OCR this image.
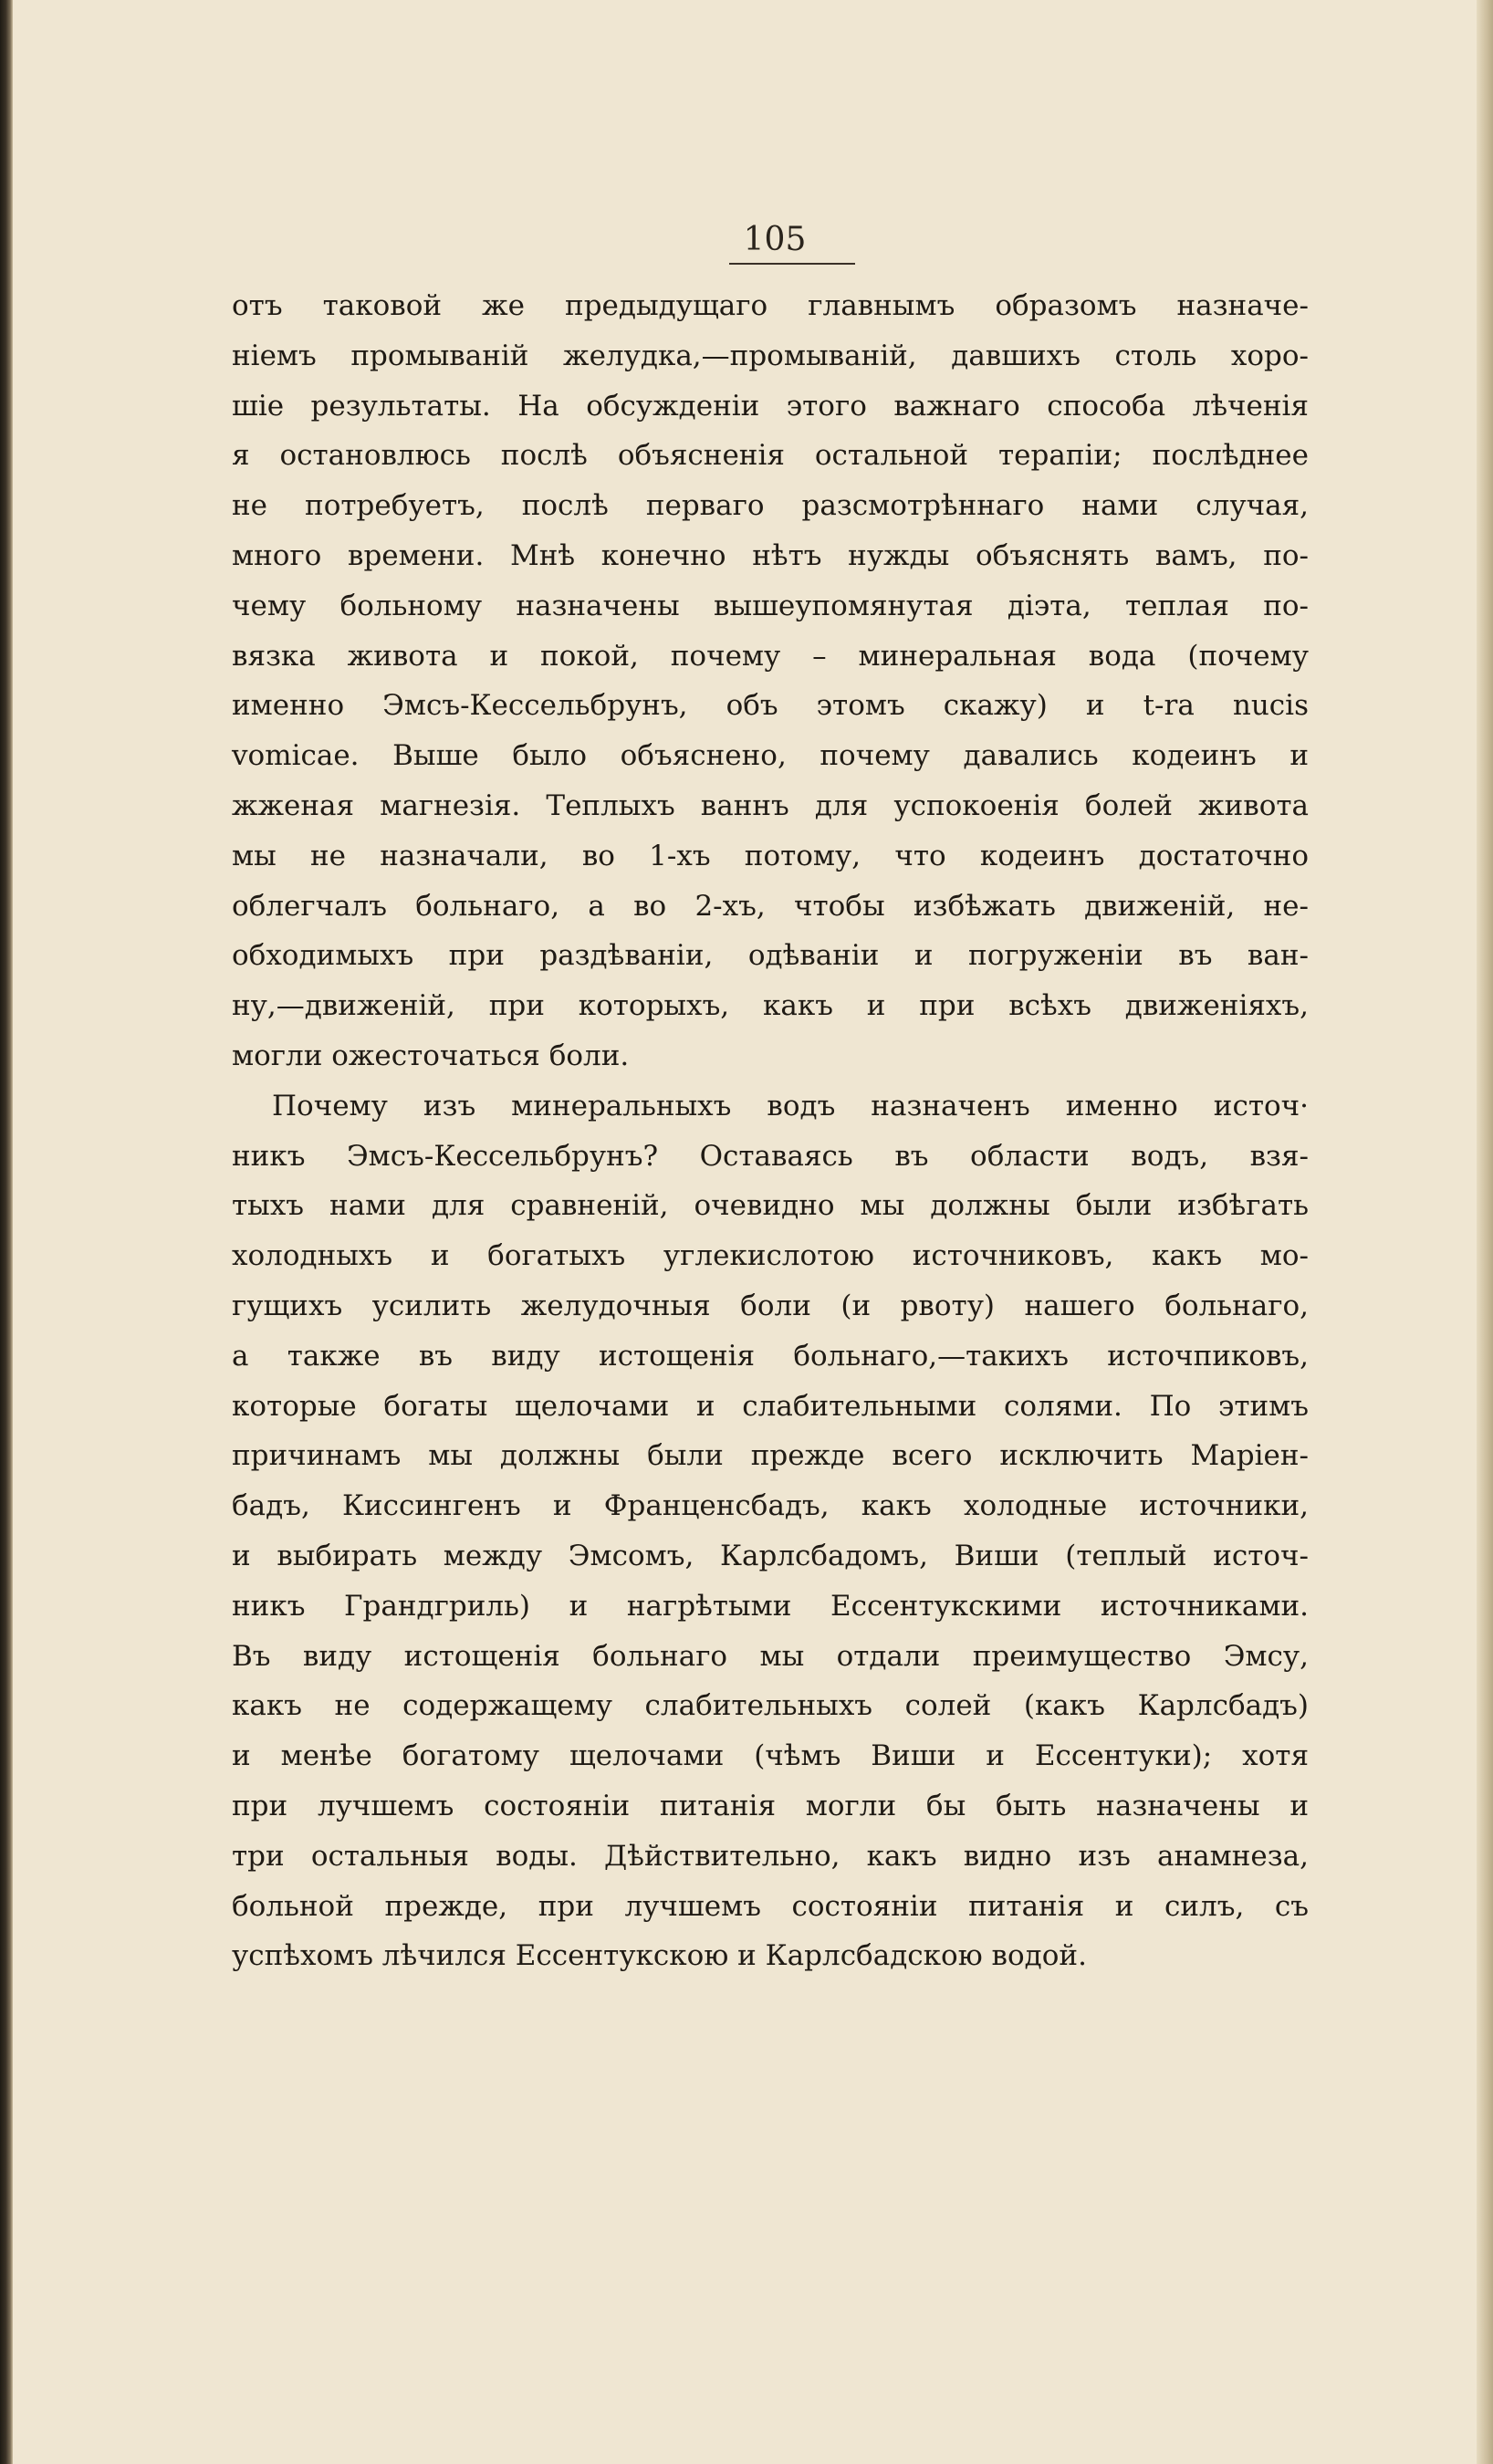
105
отъ таковой же предыдущаго главнымъ образомъ назначе-
ніемъ промываній желудка,—промываній, давшихъ столь хоро-
шіе результаты. На обсужденіи этого важнаго способа лѣченія
я остановлюсь послѣ объясненія остальной терапіи; послѣднее
не потребуетъ, послѣ перваго разсмотрѣннаго нами случая,
много времени. Мнѣ конечно нѣтъ нужды объяснять вамъ, по-
чему больному назначены вышеупомянутая діэта, теплая по-
вязка живота и покой, почему – минеральная вода (почему
именно Эмсъ-Кессельбрунъ, объ этомъ скажу) и t-ra nucis
vomicae. Выше было объяснено, почему давались кодеинъ и
жженая магнезія. Теплыхъ ваннъ для успокоенія болей живота
мы не назначали, во 1-хъ потому, что кодеинъ достаточно
облегчалъ больнаго, а во 2-хъ, чтобы избѣжать движеній, не-
обходимыхъ при раздѣваніи, одѣваніи и погруженіи въ ван-
ну,—движеній, при которыхъ, какъ и при всѣхъ движеніяхъ,
могли ожесточаться боли.
Почему изъ минеральныхъ водъ назначенъ именно источ·
никъ Эмсъ-Кессельбрунъ? Оставаясь въ области водъ, взя-
тыхъ нами для сравненій, очевидно мы должны были избѣгать
холодныхъ и богатыхъ углекислотою источниковъ, какъ мо-
гущихъ усилить желудочныя боли (и рвоту) нашего больнаго,
а также въ виду истощенія больнаго,—такихъ источпиковъ,
которые богаты щелочами и слабительными солями. По этимъ
причинамъ мы должны были прежде всего исключить Маріен-
бадъ, Киссингенъ и Франценсбадъ, какъ холодные источники,
и выбирать между Эмсомъ, Карлсбадомъ, Виши (теплый источ-
никъ Грандгриль) и нагрѣтыми Ессентукскими источниками.
Въ виду истощенія больнаго мы отдали преимущество Эмсу,
какъ не содержащему слабительныхъ солей (какъ Карлсбадъ)
и менѣе богатому щелочами (чѣмъ Виши и Ессентуки); хотя
при лучшемъ состояніи питанія могли бы быть назначены и
три остальныя воды. Дѣйствительно, какъ видно изъ анамнеза,
больной прежде, при лучшемъ состояніи питанія и силъ, съ
успѣхомъ лѣчился Ессентукскою и Карлсбадскою водой.
